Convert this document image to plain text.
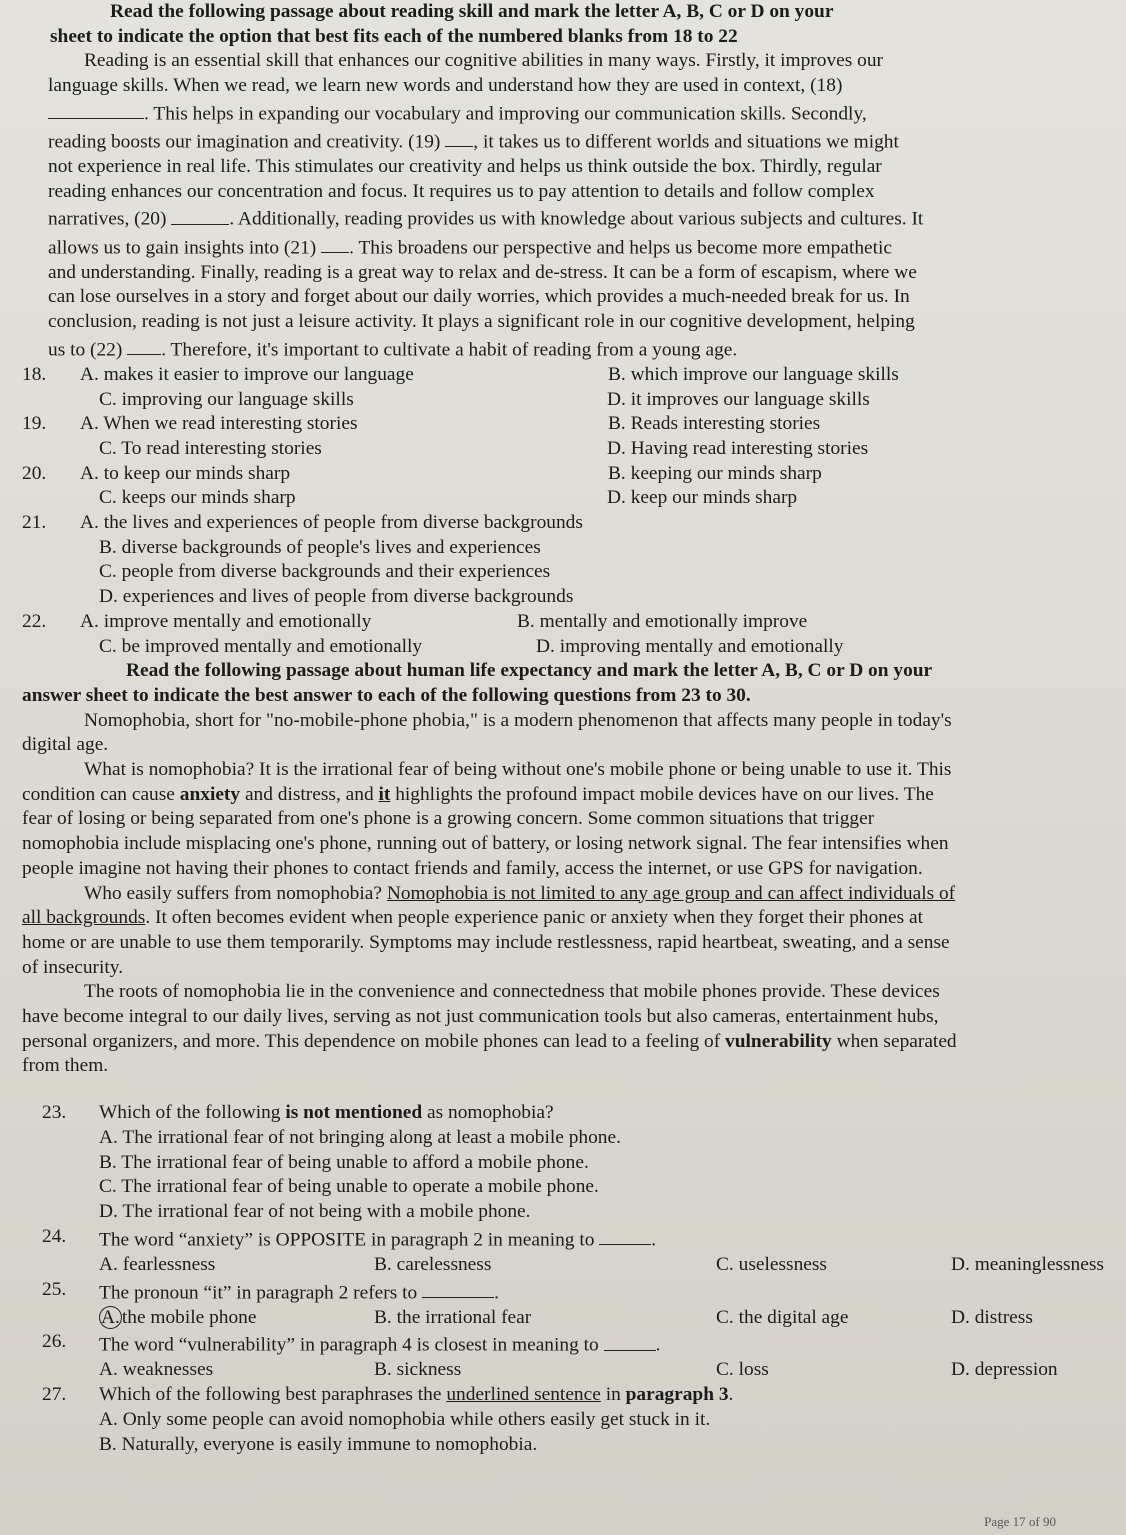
Read the following passage about reading skill and mark the letter A, B, C or D on your

sheet to indicate the option that best fits each of the numbered blanks from 18 to 22

Reading is an essential skill that enhances our cognitive abilities in many ways. Firstly, it improves our

language skills. When we read, we learn new words and understand how they are used in context, (18)

. This helps in expanding our vocabulary and improving our communication skills. Secondly,

reading boosts our imagination and creativity. (19) , it takes us to different worlds and situations we might

not experience in real life. This stimulates our creativity and helps us think outside the box. Thirdly, regular

reading enhances our concentration and focus. It requires us to pay attention to details and follow complex

narratives, (20)	. Additionally, reading provides us with knowledge about various subjects and cultures. It

allows us to gain insights into (21) . This broadens our perspective and helps us become more empathetic

and understanding. Finally, reading is a great way to relax and de-stress. It can be a form of escapism, where we

can lose ourselves in a story and forget about our daily worries, which provides a much-needed break for us. In

conclusion, reading is not just a leisure activity. It plays a significant role in our cognitive development, helping

us to (22) . Therefore, it's important to cultivate a habit of reading from a young age.

18.	A. makes it easier to improve our language	B. which improve our language skills
C. improving our language skills	D. it improves our language skills
19.	A. When we read interesting stories	B. Reads interesting stories
C. To read interesting stories	D. Having read interesting stories
20.	A. to keep our minds sharp	B. keeping our minds sharp
C. keeps our minds sharp	D. keep our minds sharp
21.	A. the lives and experiences of people from diverse backgrounds

B. diverse backgrounds of people's lives and experiences

C. people from diverse backgrounds and their experiences

D. experiences and lives of people from diverse backgrounds

22.	A. improve mentally and emotionally	B. mentally and emotionally improve
C. be improved mentally and emotionally	D. improving mentally and emotionally

Read the following passage about human life expectancy and mark the letter A, B, C or D on your

answer sheet to indicate the best answer to each of the following questions from 23 to 30.

Nomophobia, short for "no-mobile-phone phobia," is a modern phenomenon that affects many people in today's

digital age.

What is nomophobia? It is the irrational fear of being without one's mobile phone or being unable to use it. This

condition can cause anxiety and distress, and it highlights the profound impact mobile devices have on our lives. The

fear of losing or being separated from one's phone is a growing concern. Some common situations that trigger

nomophobia include misplacing one's phone, running out of battery, or losing network signal. The fear intensifies when

people imagine not having their phones to contact friends and family, access the internet, or use GPS for navigation.

Who easily suffers from nomophobia? Nomophobia is not limited to any age group and can affect individuals of

all backgrounds. It often becomes evident when people experience panic or anxiety when they forget their phones at

home or are unable to use them temporarily. Symptoms may include restlessness, rapid heartbeat, sweating, and a sense

of insecurity.

The roots of nomophobia lie in the convenience and connectedness that mobile phones provide. These devices

have become integral to our daily lives, serving as not just communication tools but also cameras, entertainment hubs,

personal organizers, and more. This dependence on mobile phones can lead to a feeling of vulnerability when separated

from them.

23.	Which of the following is not mentioned as nomophobia?

A. The irrational fear of not bringing along at least a mobile phone.

B. The irrational fear of being unable to afford a mobile phone.

C. The irrational fear of being unable to operate a mobile phone.

D. The irrational fear of not being with a mobile phone.

24.	The word “anxiety” is OPPOSITE in paragraph 2 in meaning to	.
A. fearlessness	B. carelessness	C. uselessness	D. meaninglessness
25.	The pronoun “it” in paragraph 2 refers to	.
A. the mobile phone	B. the irrational fear	C. the digital age	D. distress
26.	The word “vulnerability” in paragraph 4 is closest in meaning to	.
A. weaknesses	B. sickness	C. loss	D. depression
27.	Which of the following best paraphrases the underlined sentence in paragraph 3.

A. Only some people can avoid nomophobia while others easily get stuck in it.

B. Naturally, everyone is easily immune to nomophobia.

Page 17 of 90
